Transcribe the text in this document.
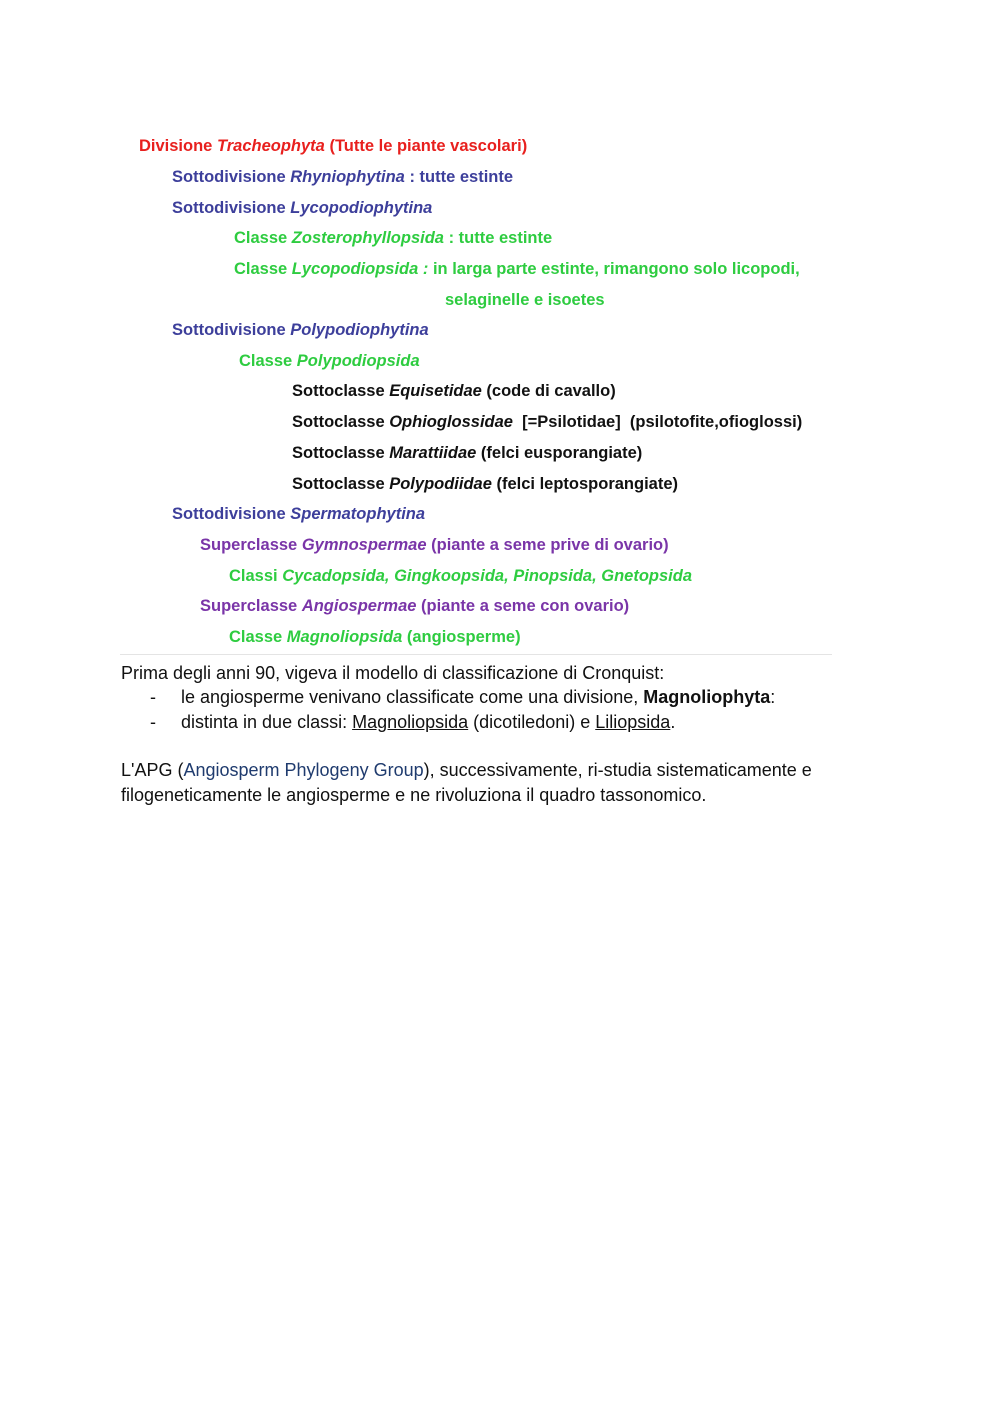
Divisione Tracheophyta (Tutte le piante vascolari)
Sottodivisione Rhyniophytina : tutte estinte
Sottodivisione Lycopodiophytina
Classe Zosterophyllopsida : tutte estinte
Classe Lycopodiopsida : in larga parte estinte, rimangono solo licopodi,
selaginelle e isoetes
Sottodivisione Polypodiophytina
Classe Polypodiopsida
Sottoclasse Equisetidae (code di cavallo)
Sottoclasse Ophioglossidae  [=Psilotidae]  (psilotofite,ofioglossi)
Sottoclasse Marattiidae (felci eusporangiate)
Sottoclasse Polypodiidae (felci leptosporangiate)
Sottodivisione Spermatophytina
Superclasse Gymnospermae (piante a seme prive di ovario)
Classi Cycadopsida, Gingkoopsida, Pinopsida, Gnetopsida
Superclasse Angiospermae (piante a seme con ovario)
Classe Magnoliopsida (angiosperme)
Prima degli anni 90, vigeva il modello di classificazione di Cronquist:
- le angiosperme venivano classificate come una divisione, Magnoliophyta:
- distinta in due classi: Magnoliopsida (dicotiledoni) e Liliopsida.
L'APG (Angiosperm Phylogeny Group), successivamente, ri-studia sistematicamente e
filogeneticamente le angiosperme e ne rivoluziona il quadro tassonomico.
